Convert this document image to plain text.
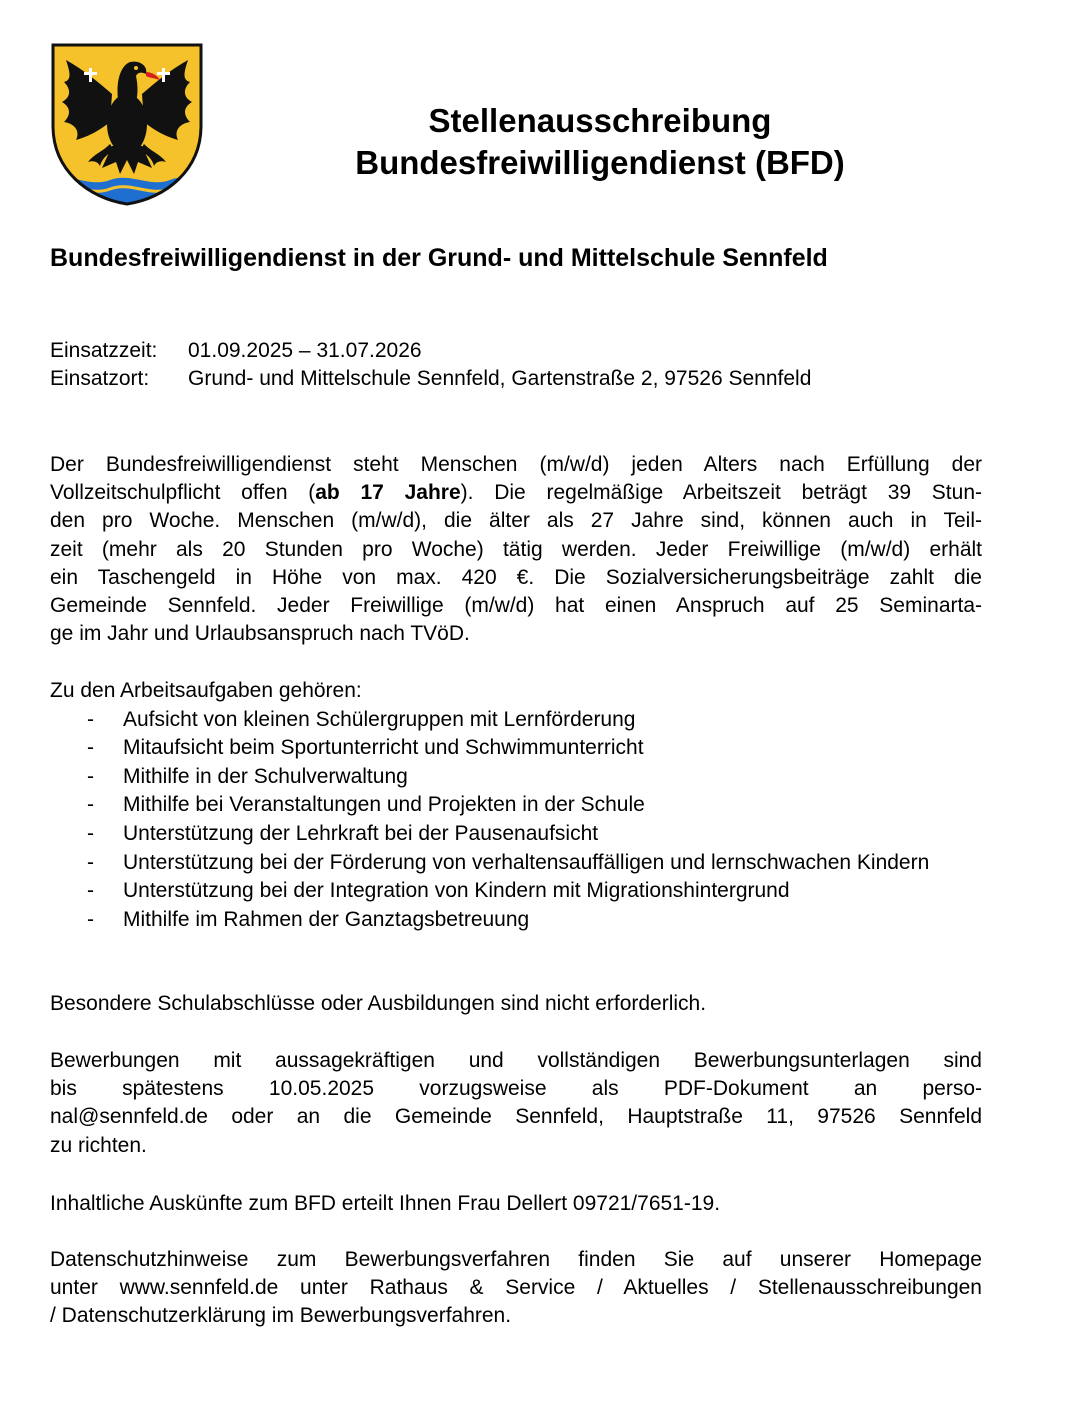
Stellenausschreibung
Bundesfreiwilligendienst (BFD)
Bundesfreiwilligendienst in der Grund- und Mittelschule Sennfeld
Einsatzzeit: 01.09.2025 – 31.07.2026
Einsatzort: Grund- und Mittelschule Sennfeld, Gartenstraße 2, 97526 Sennfeld
Der Bundesfreiwilligendienst steht Menschen (m/w/d) jeden Alters nach Erfüllung der
Vollzeitschulpflicht offen (ab 17 Jahre). Die regelmäßige Arbeitszeit beträgt 39 Stun-
den pro Woche. Menschen (m/w/d), die älter als 27 Jahre sind, können auch in Teil-
zeit (mehr als 20 Stunden pro Woche) tätig werden. Jeder Freiwillige (m/w/d) erhält
ein Taschengeld in Höhe von max. 420 €. Die Sozialversicherungsbeiträge zahlt die
Gemeinde Sennfeld. Jeder Freiwillige (m/w/d) hat einen Anspruch auf 25 Seminarta-
ge im Jahr und Urlaubsanspruch nach TVöD.
Zu den Arbeitsaufgaben gehören:
- Aufsicht von kleinen Schülergruppen mit Lernförderung
- Mitaufsicht beim Sportunterricht und Schwimmunterricht
- Mithilfe in der Schulverwaltung
- Mithilfe bei Veranstaltungen und Projekten in der Schule
- Unterstützung der Lehrkraft bei der Pausenaufsicht
- Unterstützung bei der Förderung von verhaltensauffälligen und lernschwachen Kindern
- Unterstützung bei der Integration von Kindern mit Migrationshintergrund
- Mithilfe im Rahmen der Ganztagsbetreuung
Besondere Schulabschlüsse oder Ausbildungen sind nicht erforderlich.
Bewerbungen mit aussagekräftigen und vollständigen Bewerbungsunterlagen sind
bis spätestens 10.05.2025 vorzugsweise als PDF-Dokument an perso-
nal@sennfeld.de oder an die Gemeinde Sennfeld, Hauptstraße 11, 97526 Sennfeld
zu richten.
Inhaltliche Auskünfte zum BFD erteilt Ihnen Frau Dellert 09721/7651-19.
Datenschutzhinweise zum Bewerbungsverfahren finden Sie auf unserer Homepage
unter www.sennfeld.de unter Rathaus & Service / Aktuelles / Stellenausschreibungen
/ Datenschutzerklärung im Bewerbungsverfahren.
